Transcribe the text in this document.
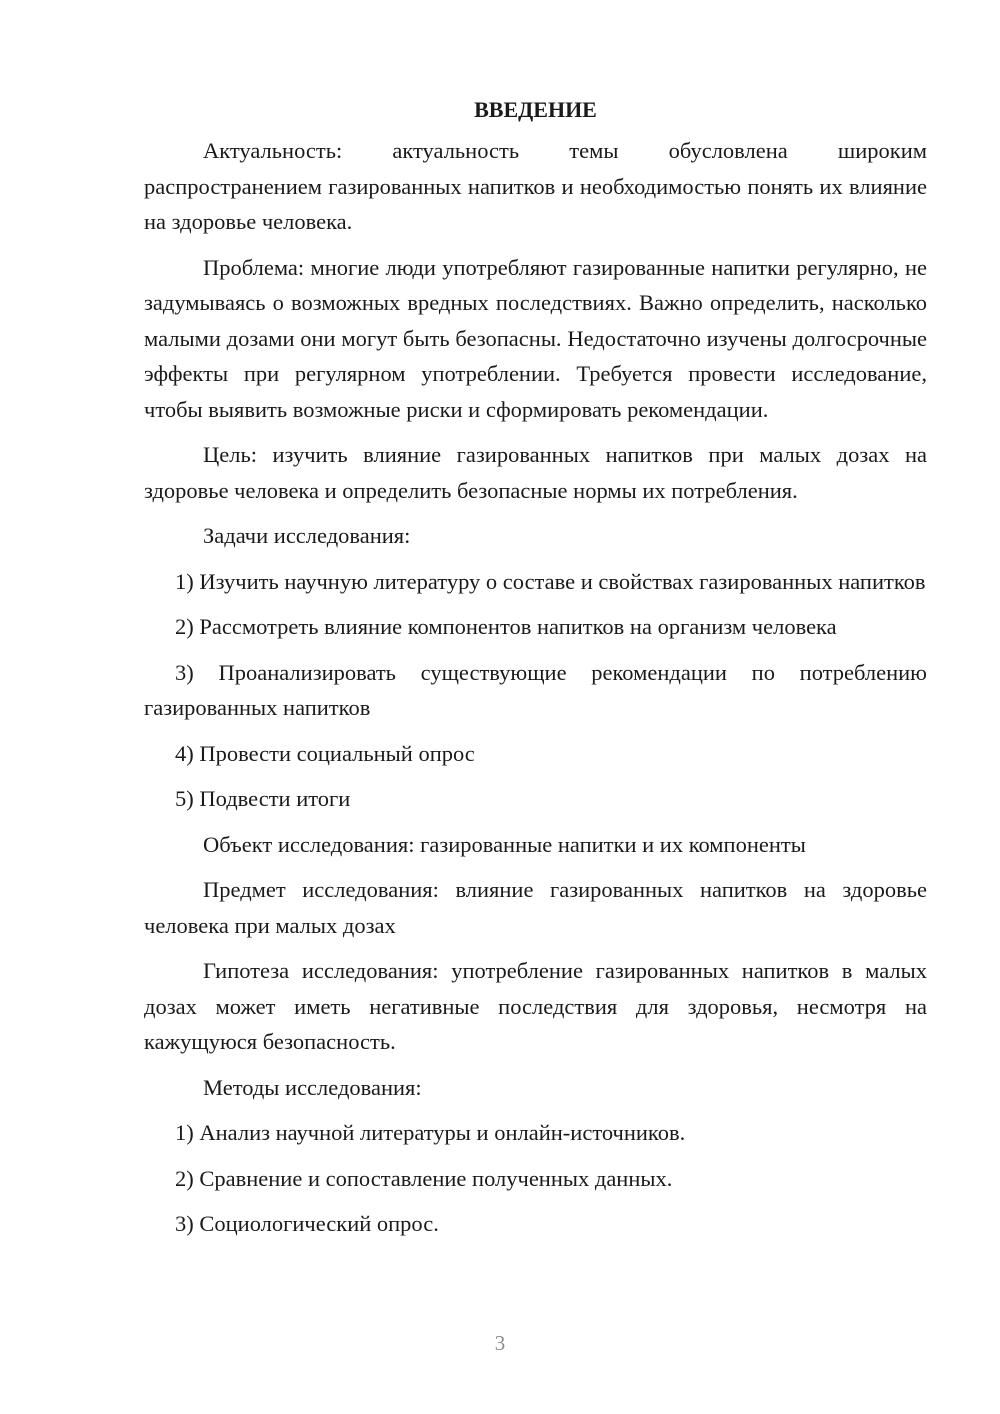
ВВЕДЕНИЕ

Актуальность: актуальность темы обусловлена широким распространением газированных напитков и необходимостью понять их влияние на здоровье человека.

Проблема: многие люди употребляют газированные напитки регулярно, не задумываясь о возможных вредных последствиях. Важно определить, насколько малыми дозами они могут быть безопасны. Недостаточно изучены долгосрочные эффекты при регулярном употреблении. Требуется провести исследование, чтобы выявить возможные риски и сформировать рекомендации.

Цель: изучить влияние газированных напитков при малых дозах на здоровье человека и определить безопасные нормы их потребления.

Задачи исследования:

1) Изучить научную литературу о составе и свойствах газированных напитков

2) Рассмотреть влияние компонентов напитков на организм человека

3) Проанализировать существующие рекомендации по потреблению газированных напитков

4) Провести социальный опрос

5) Подвести итоги

Объект исследования: газированные напитки и их компоненты

Предмет исследования: влияние газированных напитков на здоровье человека при малых дозах

Гипотеза исследования: употребление газированных напитков в малых дозах может иметь негативные последствия для здоровья, несмотря на кажущуюся безопасность.

Методы исследования:

1) Анализ научной литературы и онлайн-источников.

2) Сравнение и сопоставление полученных данных.

3) Социологический опрос.

3
